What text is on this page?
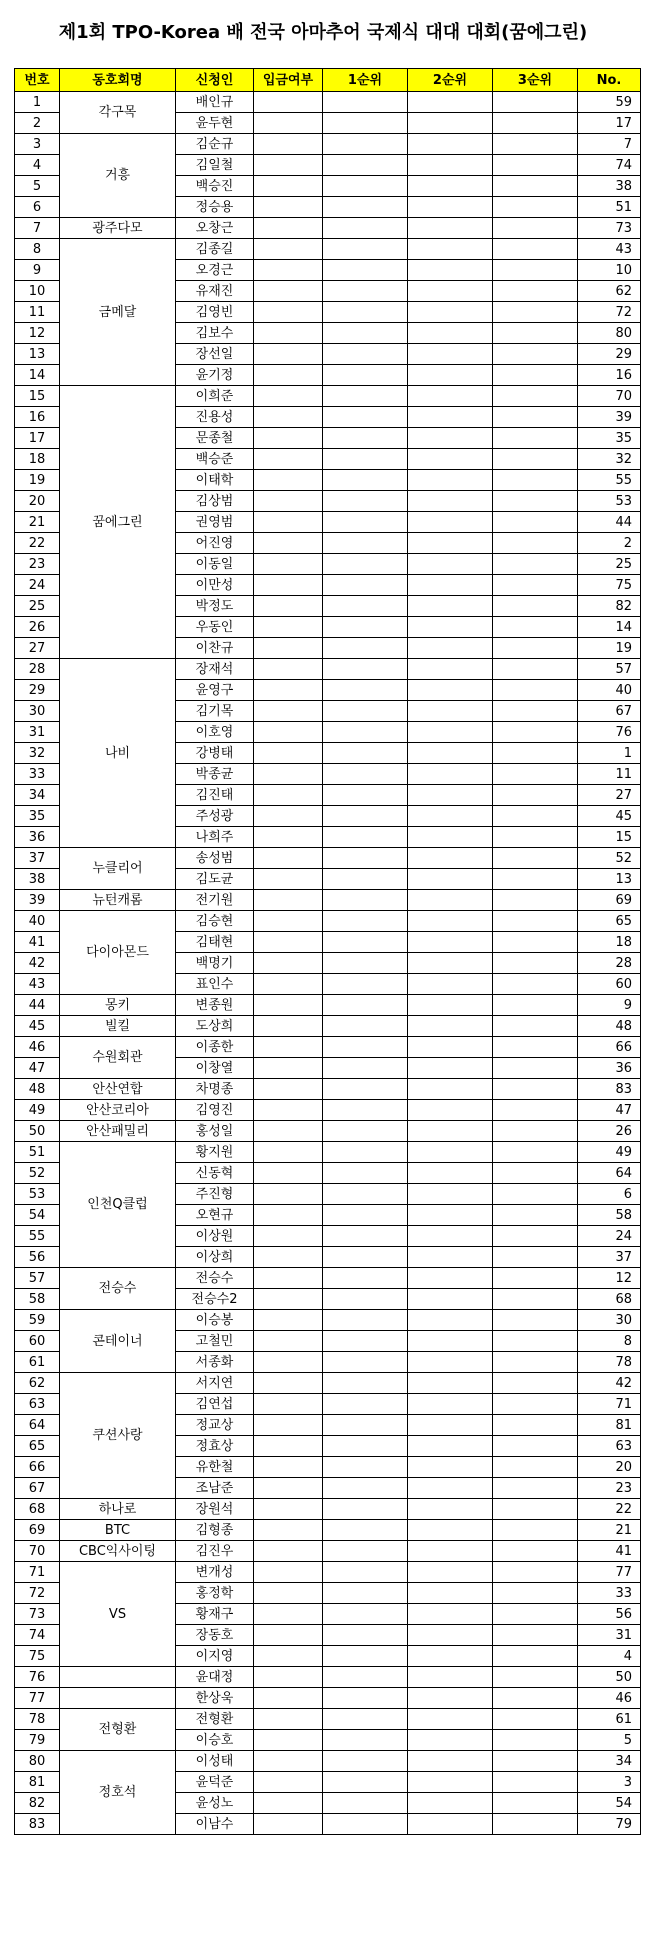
제1회 TPO-Korea 배 전국 아마추어 국제식 대대 대회(꿈에그린)
번호	동호회명	신청인	입금여부	1순위	2순위	3순위	No.
1	각구목	배인규					59
2		윤두현					17
3	거흥	김순규					7
4		김일철					74
5		백승진					38
6		정승용					51
7	광주다모	오창근					73
8	금메달	김종길					43
9		오경근					10
10		유재진					62
11		김영빈					72
12		김보수					80
13		장선일					29
14		윤기정					16
15	꿈에그린	이희준					70
16		진용성					39
17		문종철					35
18		백승준					32
19		이태학					55
20		김상범					53
21		권영범					44
22		어진영					2
23		이동일					25
24		이만성					75
25		박정도					82
26		우동인					14
27		이찬규					19
28	나비	장재석					57
29		윤영구					40
30		김기목					67
31		이호영					76
32		강병태					1
33		박종균					11
34		김진태					27
35		주성광					45
36		나희주					15
37	누클리어	송성범					52
38		김도균					13
39	뉴턴캐롬	전기원					69
40	다이아몬드	김승현					65
41		김태현					18
42		백명기					28
43		표인수					60
44	몽키	변종원					9
45	빌킬	도상희					48
46	수원회관	이종한					66
47		이창열					36
48	안산연합	차명종					83
49	안산코리아	김영진					47
50	안산패밀리	홍성일					26
51	인천Q클럽	황지원					49
52		신동혁					64
53		주진형					6
54		오현규					58
55		이상원					24
56		이상희					37
57	전승수	전승수					12
58		전승수2					68
59	콘테이너	이승봉					30
60		고철민					8
61		서종화					78
62	쿠션사랑	서지연					42
63		김연섭					71
64		정교상					81
65		정효상					63
66		유한철					20
67		조남준					23
68	하나로	장원석					22
69	BTC	김형종					21
70	CBC익사이팅	김진우					41
71	VS	변개성					77
72		홍정학					33
73		황재구					56
74		장동호					31
75		이지영					4
76		윤대정					50
77		한상욱					46
78	전형환	전형환					61
79		이승호					5
80	정호석	이성태					34
81		윤덕준					3
82		윤성노					54
83		이남수					79
